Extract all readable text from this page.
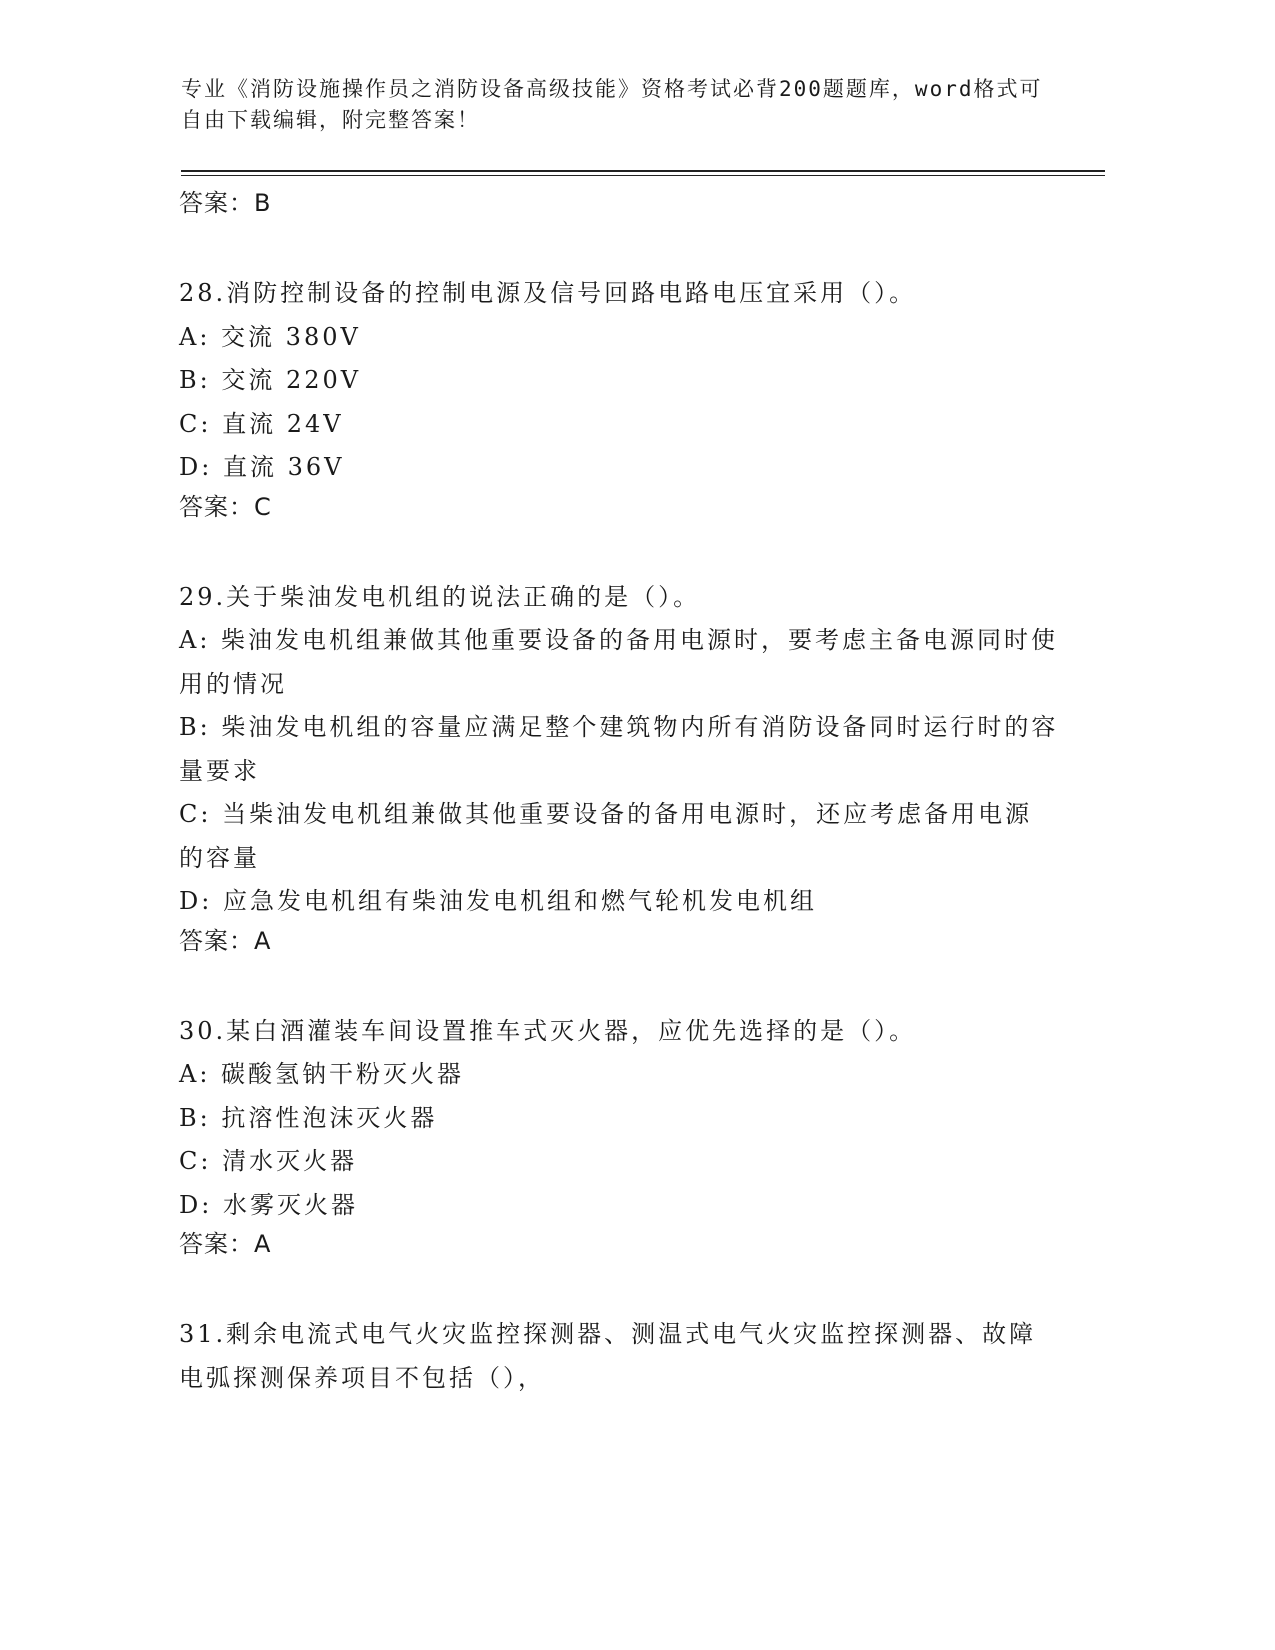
专业《消防设施操作员之消防设备高级技能》资格考试必背200题题库，word格式可自由下载编辑，附完整答案！
答案：B
28.消防控制设备的控制电源及信号回路电路电压宜采用（）。
A: 交流 380V
B: 交流 220V
C: 直流 24V
D: 直流 36V
答案：C
29.关于柴油发电机组的说法正确的是（）。
A: 柴油发电机组兼做其他重要设备的备用电源时，要考虑主备电源同时使用的情况
B: 柴油发电机组的容量应满足整个建筑物内所有消防设备同时运行时的容量要求
C: 当柴油发电机组兼做其他重要设备的备用电源时，还应考虑备用电源的容量
D: 应急发电机组有柴油发电机组和燃气轮机发电机组
答案：A
30.某白酒灌装车间设置推车式灭火器，应优先选择的是（）。
A: 碳酸氢钠干粉灭火器
B: 抗溶性泡沫灭火器
C: 清水灭火器
D: 水雾灭火器
答案：A
31.剩余电流式电气火灾监控探测器、测温式电气火灾监控探测器、故障电弧探测保养项目不包括（），
